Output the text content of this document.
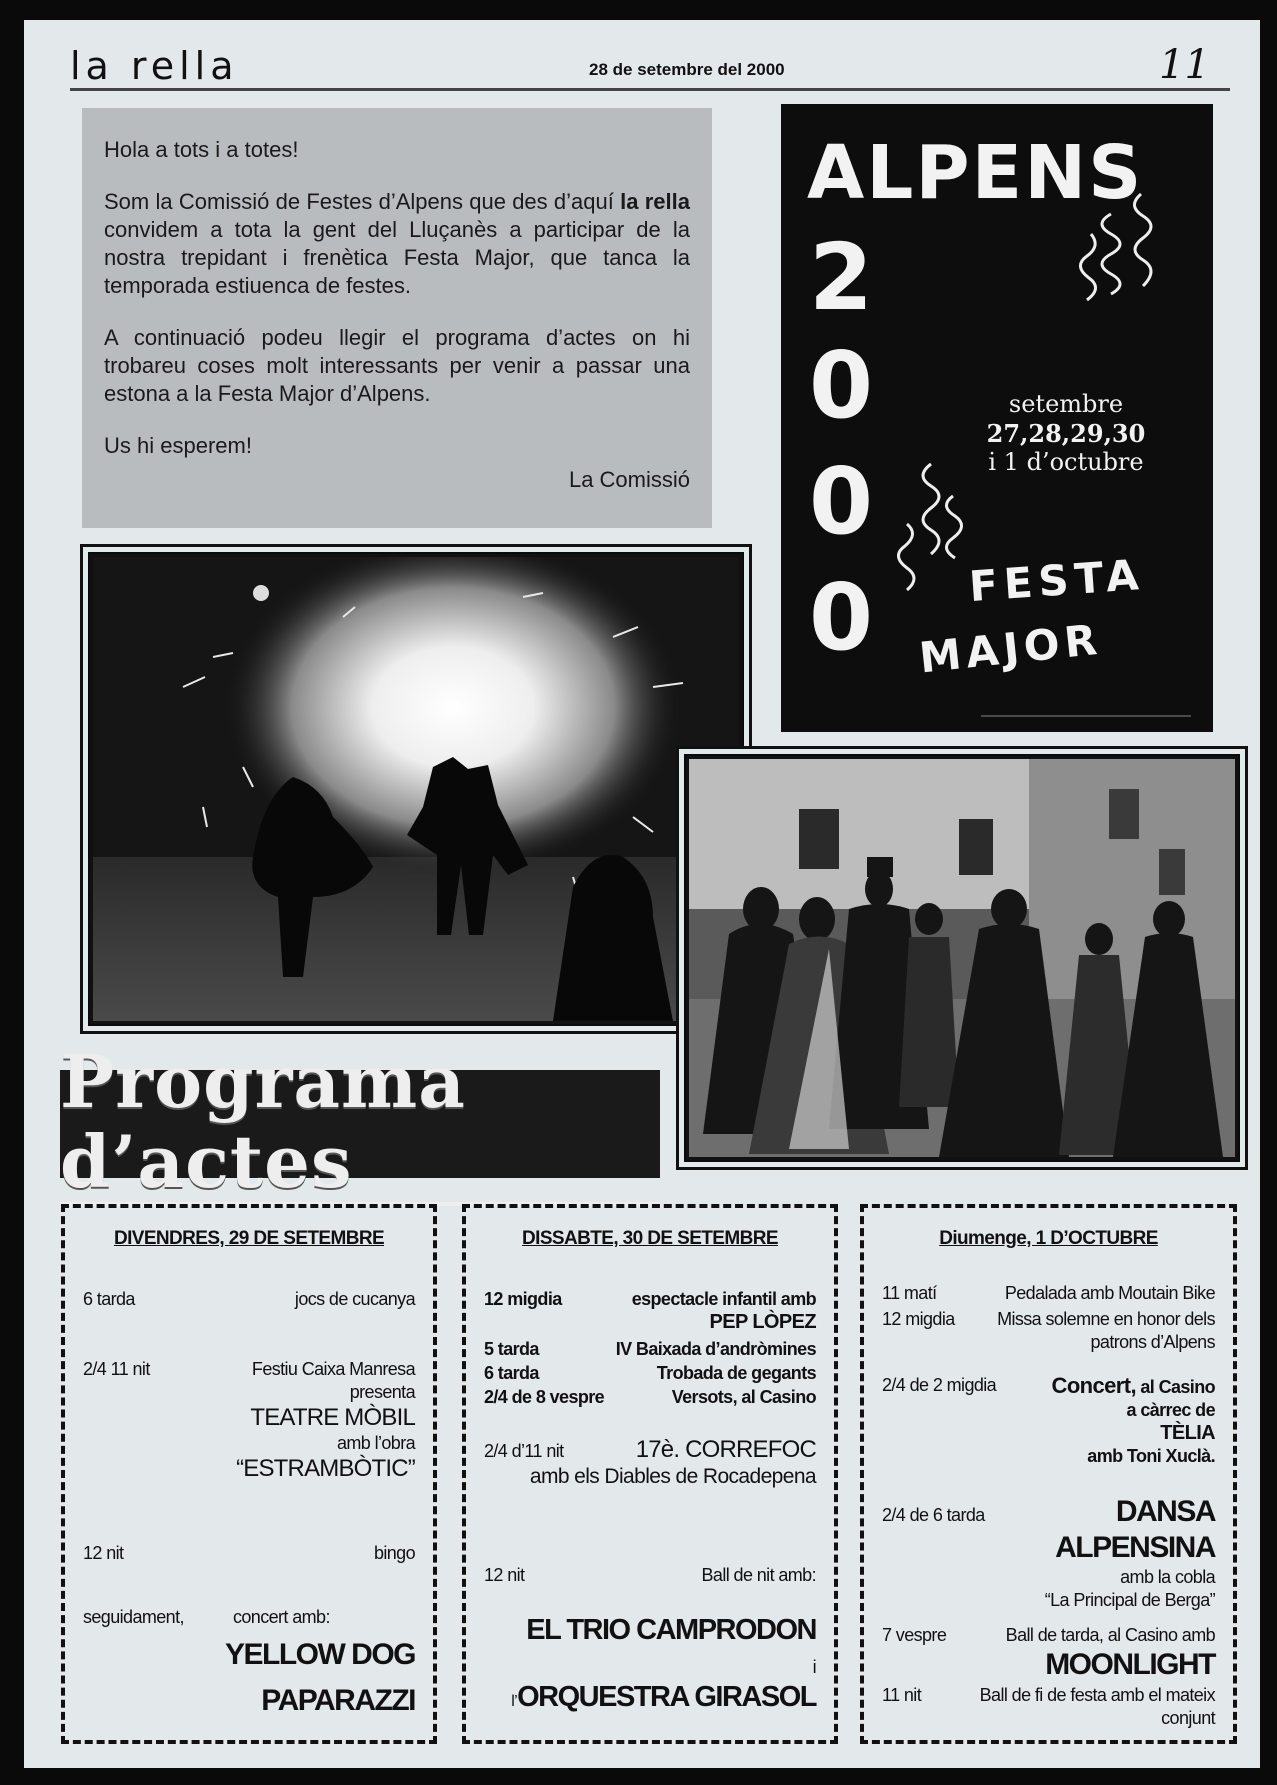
la rella	28 de setembre del 2000	11

Hola a tots i a totes!

Som la Comissió de Festes d’Alpens que des d’aquí la rella convidem a tota la gent del Lluçanès a participar de la nostra trepidant i frenètica Festa Major, que tanca la temporada estiuenca de festes.

A continuació podeu llegir el programa d’actes on hi trobareu coses molt interessants per venir a passar una estona a la Festa Major d’Alpens.

Us hi esperem!

La Comissió

ALPENS
2
0
0
0
setembre
27,28,29,30
i 1 d’octubre
FESTA
MAJOR
Programa d’actes
DIVENDRES, 29 DE SETEMBRE
6 tarda	jocs de cucanya
2/4 11 nit	Festiu Caixa Manresa
presenta
TEATRE MÒBIL
amb l’obra
“ESTRAMBÒTIC”
12 nit	bingo
seguidament,	concert amb:
YELLOW DOG
PAPARAZZI
DISSABTE, 30 DE SETEMBRE
12 migdia	espectacle infantil amb
PEP LÒPEZ
5 tarda	IV Baixada d’andròmines
6 tarda	Trobada de gegants
2/4 de 8 vespre	Versots, al Casino
2/4 d’11 nit	17è. CORREFOC
amb els Diables de Rocadepena
12 nit	Ball de nit amb:
EL TRIO CAMPRODON
i
l’ORQUESTRA GIRASOL
Diumenge, 1 D’OCTUBRE
11 matí	Pedalada amb Moutain Bike
12 migdia	Missa solemne en honor dels
patrons d’Alpens
2/4 de 2 migdia	Concert, al Casino
a càrrec de
TÈLIA
amb Toni Xuclà.
2/4 de 6 tarda	DANSA
ALPENSINA
amb la cobla
“La Principal de Berga”
7 vespre	Ball de tarda, al Casino amb
MOONLIGHT
11 nit	Ball de fi de festa amb el mateix
conjunt
